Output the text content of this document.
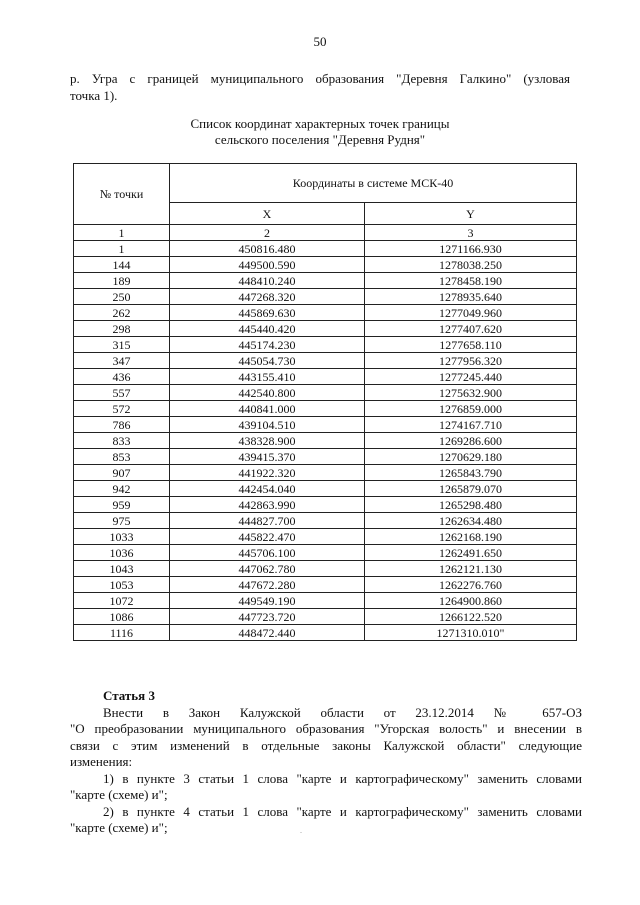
50
р. Угра с границей муниципального образования "Деревня Галкино" (узловая
точка 1).
Список координат характерных точек границы
сельского поселения "Деревня Рудня"
№ точки	Координаты в системе МСК-40	
	X	Y
1	2	3
1	450816.480	1271166.930
144	449500.590	1278038.250
189	448410.240	1278458.190
250	447268.320	1278935.640
262	445869.630	1277049.960
298	445440.420	1277407.620
315	445174.230	1277658.110
347	445054.730	1277956.320
436	443155.410	1277245.440
557	442540.800	1275632.900
572	440841.000	1276859.000
786	439104.510	1274167.710
833	438328.900	1269286.600
853	439415.370	1270629.180
907	441922.320	1265843.790
942	442454.040	1265879.070
959	442863.990	1265298.480
975	444827.700	1262634.480
1033	445822.470	1262168.190
1036	445706.100	1262491.650
1043	447062.780	1262121.130
1053	447672.280	1262276.760
1072	449549.190	1264900.860
1086	447723.720	1266122.520
1116	448472.440	1271310.010"
Статья 3
Внести в Закон Калужской области от 23.12.2014 № 657-ОЗ
"О преобразовании муниципального образования "Угорская волость" и внесении в
связи с этим изменений в отдельные законы Калужской области" следующие
изменения:
1) в пункте 3 статьи 1 слова "карте и картографическому" заменить словами
"карте (схеме) и";
2) в пункте 4 статьи 1 слова "карте и картографическому" заменить словами
"карте (схеме) и";	.
